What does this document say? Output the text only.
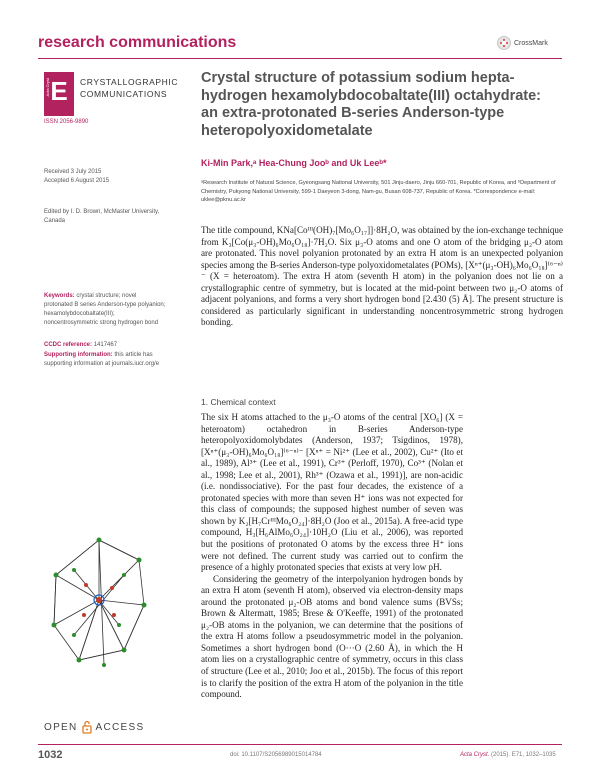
research communications	CrossMark
Acta Cryst E	CRYSTALLOGRAPHIC
COMMUNICATIONS
ISSN 2056-9890
Crystal structure of potassium sodium hepta-hydrogen hexamolybdocobaltate(III) octahydrate: an extra-protonated B-series Anderson-type heteropolyoxidometalate
Ki-Min Park,ᵃ Hea-Chung Jooᵇ and Uk Leeᵇ*
ᵃResearch Institute of Natural Science, Gyeongsang National University, 501 Jinju-daero, Jinju 660-701, Republic of Korea, and ᵇDepartment of Chemistry, Pukyong National University, 599-1 Daeyeon 3-dong, Nam-gu, Busan 608-737, Republic of Korea. *Correspondence e-mail: uklee@pknu.ac.kr
Received 3 July 2015
Accepted 6 August 2015
Edited by I. D. Brown, McMaster University, Canada
Keywords: crystal structure; novel protonated B series Anderson-type polyanion; hexamolybdocobaltate(III); noncentrosymmetric strong hydrogen bond
CCDC reference: 1417467
Supporting information: this article has supporting information at journals.iucr.org/e
The title compound, KNa[Coᴵᴵᴵ(OH)₇[Mo₆O₁₇]]·8H₂O, was obtained by the ion-exchange technique from K₃[Co(μ₃-OH)₆Mo₆O₁₈]·7H₂O. Six μ₃-O atoms and one O atom of the bridging μ₂-O atom are protonated. This novel polyanion protonated by an extra H atom is an unexpected polyanion species among the B-series Anderson-type polyoxidometalates (POMs), [Xⁿ⁺(μ₃-OH)₆Mo₆O₁₈]⁽⁶⁻ⁿ⁾⁻ (X = heteroatom). The extra H atom (seventh H atom) in the polyanion does not lie on a crystallographic centre of symmetry, but is located at the mid-point between two μ₂-O atoms of adjacent polyanions, and forms a very short hydrogen bond [2.430 (5) Å]. The present structure is considered as particularly significant in understanding noncentrosymmetric strong hydrogen bonding.
1. Chemical context

The six H atoms attached to the μ₃-O atoms of the central [XO₆] (X = heteroatom) octahedron in B-series Anderson-type heteropolyoxidomolybdates (Anderson, 1937; Tsigdinos, 1978), [Xⁿ⁺(μ₃-OH)₆Mo₆O₁₈]⁽⁶⁻ⁿ⁾⁻ [Xⁿ⁺ = Ni²⁺ (Lee et al., 2002), Cu²⁺ (Ito et al., 1989), Al³⁺ (Lee et al., 1991), Cr³⁺ (Perloff, 1970), Co³⁺ (Nolan et al., 1998; Lee et al., 2001), Rh³⁺ (Ozawa et al., 1991)], are non-acidic (i.e. nondissociative). For the past four decades, the existence of a protonated species with more than seven H⁺ ions was not expected for this class of compounds; the supposed highest number of seven was shown by K₂[H₇CrᴵᴵᴵMo₆O₂₄]·8H₂O (Joo et al., 2015a). A free-acid type compound, H₃[H₆AlMo₆O₂₄]·10H₂O (Liu et al., 2006), was reported but the positions of protonated O atoms by the excess three H⁺ ions were not defined. The current study was carried out to confirm the presence of a highly protonated species that exists at very low pH.

Considering the geometry of the interpolyanion hydrogen bonds by an extra H atom (seventh H atom), observed via electron-density maps around the protonated μ₂-OB atoms and bond valence sums (BVSs; Brown & Altermatt, 1985; Brese & O'Keeffe, 1991) of the protonated μ₂-OB atoms in the polyanion, we can determine that the positions of the extra H atoms follow a pseudosymmetric model in the polyanion. Sometimes a short hydrogen bond (O···O (2.60 Å), in which the H atom lies on a crystallographic centre of symmetry, occurs in this class of structure (Lee et al., 2010; Joo et al., 2015b). The focus of this report is to clarify the position of the extra H atom of the polyanion in the title compound.

OPEN ACCESS
1032	doi: 10.1107/S2056989015014784	Acta Cryst. (2015). E71, 1032–1035
